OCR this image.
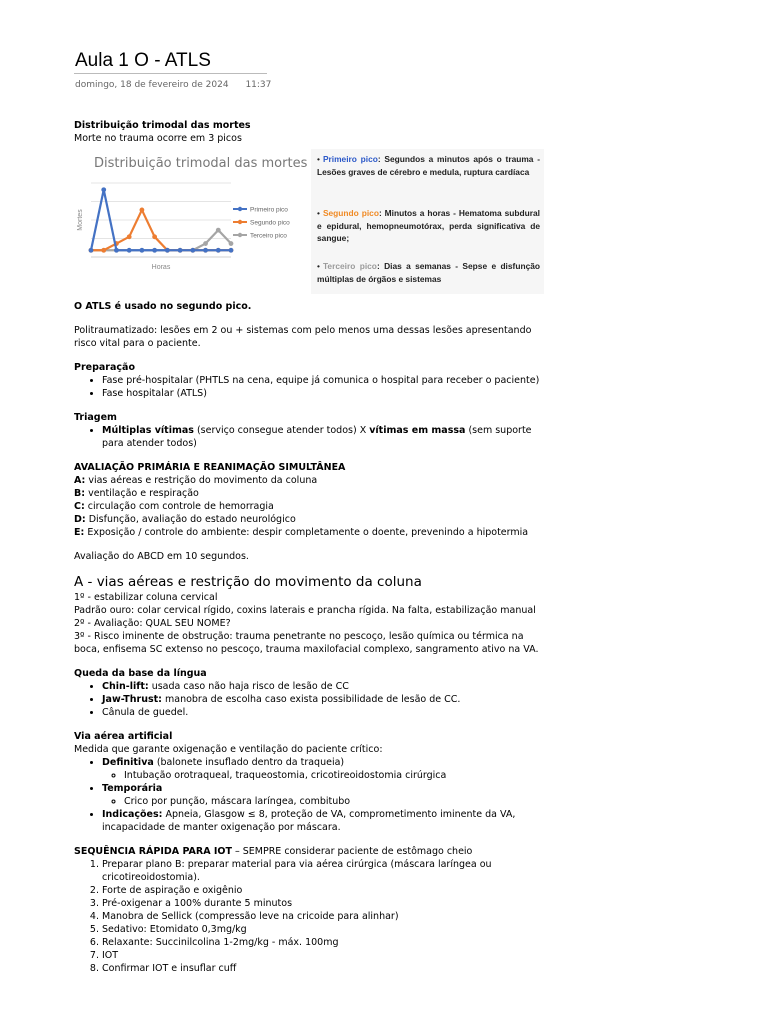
Aula 1 O - ATLS
domingo, 18 de fevereiro de 2024 11:37

Distribuição trimodal das mortes

Morte no trauma ocorre em 3 picos

Distribuição trimodal das mortes
Mortes
Horas
Primeiro pico
Segundo pico
Terceiro pico
• Primeiro pico: Segundos a minutos após o trauma - Lesões graves de cérebro e medula, ruptura cardíaca
• Segundo pico: Minutos a horas - Hematoma subdural e epidural, hemopneumotórax, perda significativa de sangue;
• Terceiro pico: Dias a semanas - Sepse e disfunção múltiplas de órgãos e sistemas

O ATLS é usado no segundo pico.

Politraumatizado: lesões em 2 ou + sistemas com pelo menos uma dessas lesões apresentando risco vital para o paciente.

Preparação

• Fase pré-hospitalar (PHTLS na cena, equipe já comunica o hospital para receber o paciente)
• Fase hospitalar (ATLS)

Triagem

• Múltiplas vítimas (serviço consegue atender todos) X vítimas em massa (sem suporte para atender todos)

AVALIAÇÃO PRIMÁRIA E REANIMAÇÃO SIMULTÂNEA

A: vias aéreas e restrição do movimento da coluna

B: ventilação e respiração

C: circulação com controle de hemorragia

D: Disfunção, avaliação do estado neurológico

E: Exposição / controle do ambiente: despir completamente o doente, prevenindo a hipotermia

Avaliação do ABCD em 10 segundos.

A - vias aéreas e restrição do movimento da coluna

1º - estabilizar coluna cervical

Padrão ouro: colar cervical rígido, coxins laterais e prancha rígida. Na falta, estabilização manual

2º - Avaliação: QUAL SEU NOME?

3º - Risco iminente de obstrução: trauma penetrante no pescoço, lesão química ou térmica na boca, enfisema SC extenso no pescoço, trauma maxilofacial complexo, sangramento ativo na VA.

Queda da base da língua

• Chin-lift: usada caso não haja risco de lesão de CC
• Jaw-Thrust: manobra de escolha caso exista possibilidade de lesão de CC.
• Cânula de guedel.

Via aérea artificial

Medida que garante oxigenação e ventilação do paciente crítico:

• Definitiva (balonete insuflado dentro da traqueia)
◦ Intubação orotraqueal, traqueostomia, cricotireoidostomia cirúrgica
• Temporária
◦ Crico por punção, máscara laríngea, combitubo
• Indicações: Apneia, Glasgow ≤ 8, proteção de VA, comprometimento iminente da VA, incapacidade de manter oxigenação por máscara.

SEQUÊNCIA RÁPIDA PARA IOT – SEMPRE considerar paciente de estômago cheio

1. Preparar plano B: preparar material para via aérea cirúrgica (máscara laríngea ou cricotireoidostomia).
2. Forte de aspiração e oxigênio
3. Pré-oxigenar a 100% durante 5 minutos
4. Manobra de Sellick (compressão leve na cricoide para alinhar)
5. Sedativo: Etomidato 0,3mg/kg
6. Relaxante: Succinilcolina 1-2mg/kg - máx. 100mg
7. IOT
8. Confirmar IOT e insuflar cuff
